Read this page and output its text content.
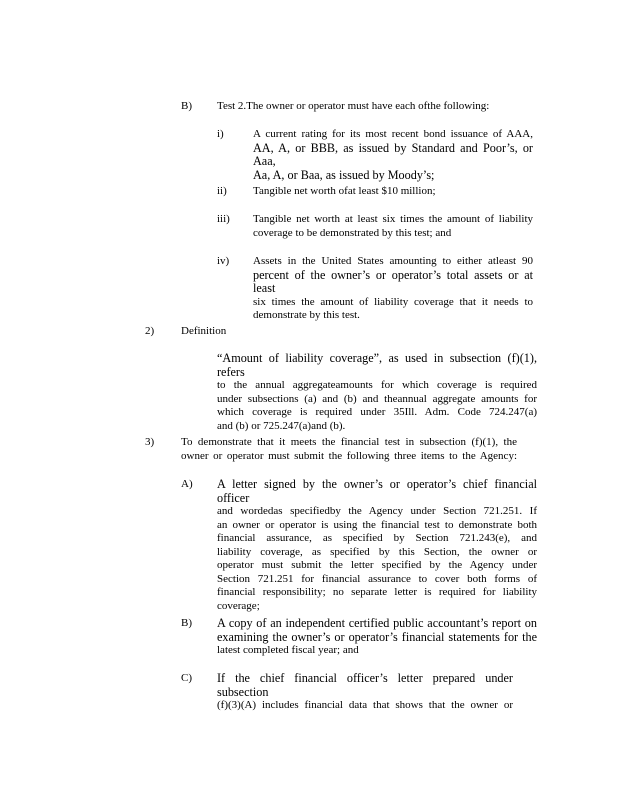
B) Test 2.The owner or operator must have each ofthe following:
i)	A current rating for its most recent bond issuance of AAA,
AA, A, or BBB, as issued by Standard and Poor’s, or Aaa,
Aa, A, or Baa, as issued by Moody’s;
ii) Tangible net worth ofat least $10 million;
iii) Tangible net worth at least six times the amount of liability
coverage to be demonstrated by this test; and
iv) Assets in the United States amounting to either atleast 90
percent of the owner’s or operator’s total assets or at least
six times the amount of liability coverage that it needs to
demonstrate by this test.
2) Definition
“Amount of liability coverage”, as used in subsection (f)(1), refers
to the annual aggregateamounts for which coverage is required
under subsections (a) and (b) and theannual aggregate amounts for
which coverage is required under 35Ill. Adm. Code 724.247(a)
and (b) or 725.247(a)and (b).
3) To demonstrate that it meets the financial test in subsection (f)(1), the
owner or operator must submit the following three items to the Agency:
A) A letter signed by the owner’s or operator’s chief financial officer
and wordedas specifiedby the Agency under Section 721.251. If
an owner or operator is using the financial test to demonstrate both
financial assurance, as specified by Section 721.243(e), and
liability coverage, as specified by this Section, the owner or
operator must submit the letter specified by the Agency under
Section 721.251 for financial assurance to cover both forms of
financial responsibility; no separate letter is required for liability
coverage;
B) A copy of an independent certified public accountant’s report on
examining the owner’s or operator’s financial statements for the
latest completed fiscal year; and
C) If the chief financial officer’s letter prepared under subsection
(f)(3)(A) includes financial data that shows that the owner or
